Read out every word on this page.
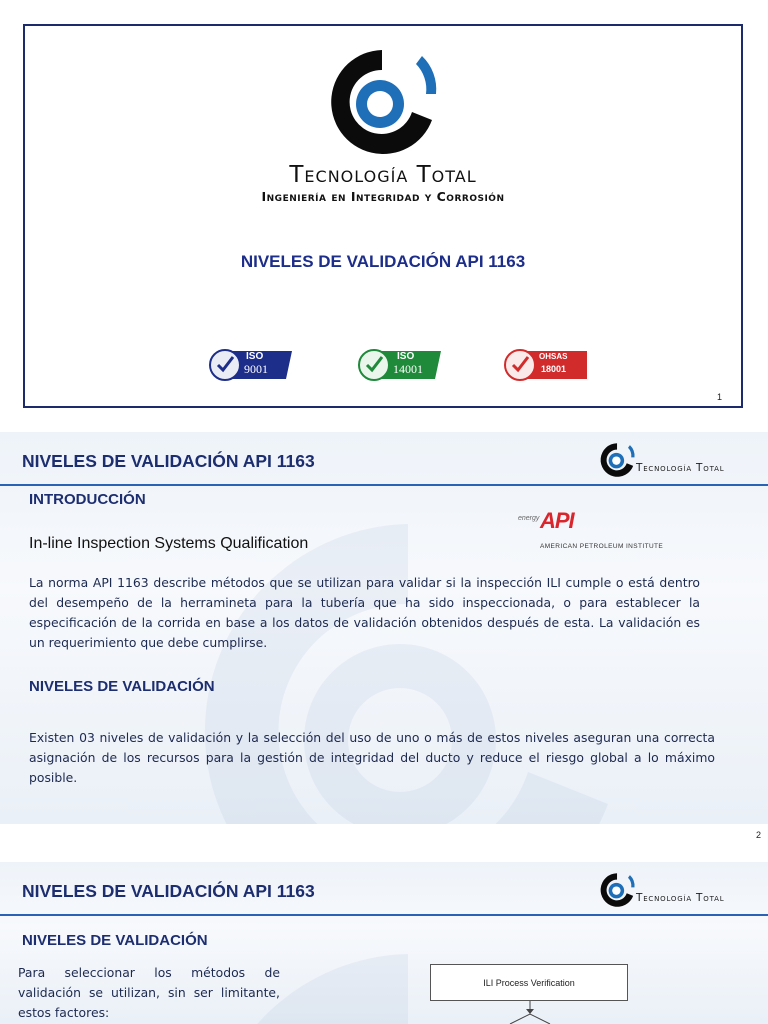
Tecnología Total
Ingeniería en Integridad y Corrosión
NIVELES DE VALIDACIÓN API 1163
ISO
9001
ISO
14001
OHSAS
18001
1
NIVELES DE VALIDACIÓN API 1163	Tecnología Total
INTRODUCCIÓN
In-line Inspection Systems Qualification
energy API
AMERICAN PETROLEUM INSTITUTE
La norma API 1163 describe métodos que se utilizan para validar si la inspección ILI cumple o está dentro del desempeño de la herramineta para la tubería que ha sido inspeccionada, o para establecer la especificación de la corrida en base a los datos de validación obtenidos después de esta. La validación es un requerimiento que debe cumplirse.
NIVELES DE VALIDACIÓN
Existen 03 niveles de validación y la selección del uso de uno o más de estos niveles aseguran una correcta asignación de los recursos para la gestión de integridad del ducto y reduce el riesgo global a lo máximo posible.
2
NIVELES DE VALIDACIÓN API 1163	Tecnología Total
NIVELES DE VALIDACIÓN
Para seleccionar los métodos de validación se utilizan, sin ser limitante, estos factores:
ILI Process Verification
